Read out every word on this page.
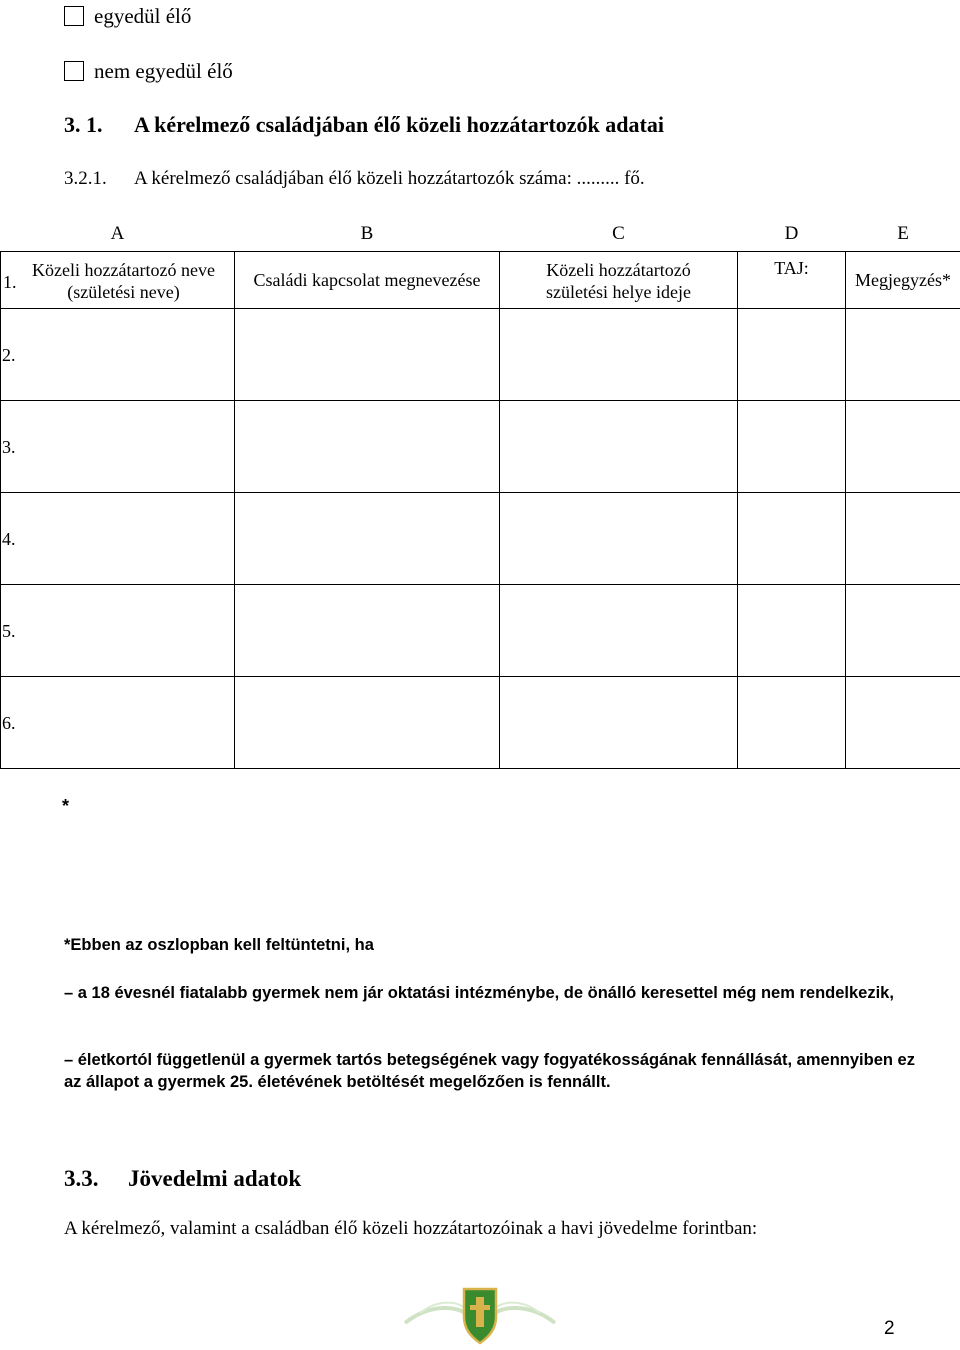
egyedül élő
nem egyedül élő
3. 1. A kérelmező családjában élő közeli hozzátartozók adatai
3.2.1. A kérelmező családjában élő közeli hozzátartozók száma: ......... fő.
A	B	C	D	E

1.
Közeli hozzátartozó neve (születési neve)	Családi kapcsolat megnevezése	Közeli hozzátartozó születési helye ideje	TAJ:	Megjegyzés*

2.				

3.				

4.				

5.				

6.				

*
*Ebben az oszlopban kell feltüntetni, ha
– a 18 évesnél fiatalabb gyermek nem jár oktatási intézménybe, de önálló keresettel még nem rendelkezik,
– életkortól függetlenül a gyermek tartós betegségének vagy fogyatékosságának fennállását, amennyiben ez az állapot a gyermek 25. életévének betöltését megelőzően is fennállt.
3.3. Jövedelmi adatok
A kérelmező, valamint a családban élő közeli hozzátartozóinak a havi jövedelme forintban:
2
